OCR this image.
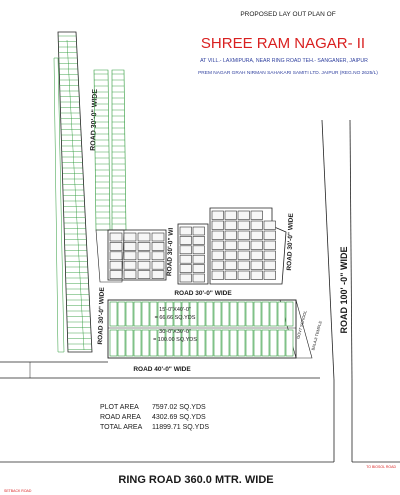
PROPOSED LAY OUT PLAN OF
SHREE RAM NAGAR- II
AT VILL.- LAXMIPURA, NEAR RING ROAD TEH.- SANGANER, JAIPUR
PREM NAGAR GRAH NIRMAN SAHAKARI SAMITI LTD. JAIPUR (REG.NO 2625/L)
ROAD 30'-0" WIDE
ROAD 30'-0" WI	ROAD 30'-0" WIDE
ROAD 30'-0" WIDE
15'-0"X40'-0"
= 66.66 SQ.YDS
30'-0"X30'-0"
= 100.00 SQ.YDS
ROAD 30'-0" WIDE	GOVT SCHOOL BALAJI TEMPLE
ROAD 40'-0" WIDE
ROAD 100' -0" WIDE
RING ROAD 360.0 MTR. WIDE
PLOT AREA 7597.02 SQ.YDS
ROAD AREA 4302.69 SQ.YDS
TOTAL AREA 11899.71 SQ.YDS
SETBACK ROAD
TO BIOSOL ROAD
